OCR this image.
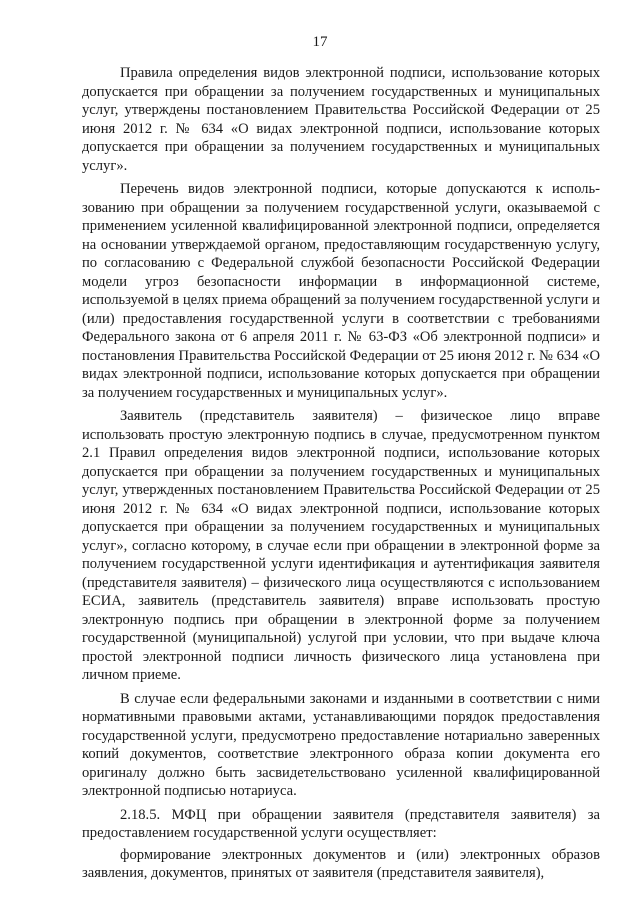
17

Правила определения видов электронной подписи, использование которых допускается при обращении за получением государственных и муниципальных услуг, утверждены постановлением Правительства Российской Федерации от 25 июня 2012 г. № 634 «О видах электронной подписи, использование которых допускается при обращении за получением государственных и муниципальных услуг».

Перечень видов электронной подписи, которые допускаются к использованию при обращении за получением государственной услуги, оказываемой с применением усиленной квалифицированной электронной подписи, определяется на основании утверждаемой органом, предоставляющим государственную услугу, по согласованию с Федеральной службой безопасности Российской Федерации модели угроз безопасности информации в информационной системе, используемой в целях приема обращений за получением государственной услуги и (или) предоставления государственной услуги в соответствии с требованиями Федерального закона от 6 апреля 2011 г. № 63-ФЗ «Об электронной подписи» и постановления Правительства Российской Федерации от 25 июня 2012 г. № 634 «О видах электронной подписи, использование которых допускается при обращении за получением государственных и муниципальных услуг».

Заявитель (представитель заявителя) – физическое лицо вправе использовать простую электронную подпись в случае, предусмотренном пунктом 2.1 Правил определения видов электронной подписи, использование которых допускается при обращении за получением государственных и муниципальных услуг, утвержденных постановлением Правительства Российской Федерации от 25 июня 2012 г. № 634 «О видах электронной подписи, использование которых допускается при обращении за получением государственных и муниципальных услуг», согласно которому, в случае если при обращении в электронной форме за получением государственной услуги идентификация и аутентификация заявителя (представителя заявителя) – физического лица осуществляются с использованием ЕСИА, заявитель (представитель заявителя) вправе использовать простую электронную подпись при обращении в электронной форме за получением государственной (муниципальной) услугой при условии, что при выдаче ключа простой электронной подписи личность физического лица установлена при личном приеме.

В случае если федеральными законами и изданными в соответствии с ними нормативными правовыми актами, устанавливающими порядок предоставления государственной услуги, предусмотрено предоставление нотариально заверенных копий документов, соответствие электронного образа копии документа его оригиналу должно быть засвидетельствовано усиленной квалифицированной электронной подписью нотариуса.

2.18.5. МФЦ при обращении заявителя (представителя заявителя) за предоставлением государственной услуги осуществляет:

формирование электронных документов и (или) электронных образов заявления, документов, принятых от заявителя (представителя заявителя),
